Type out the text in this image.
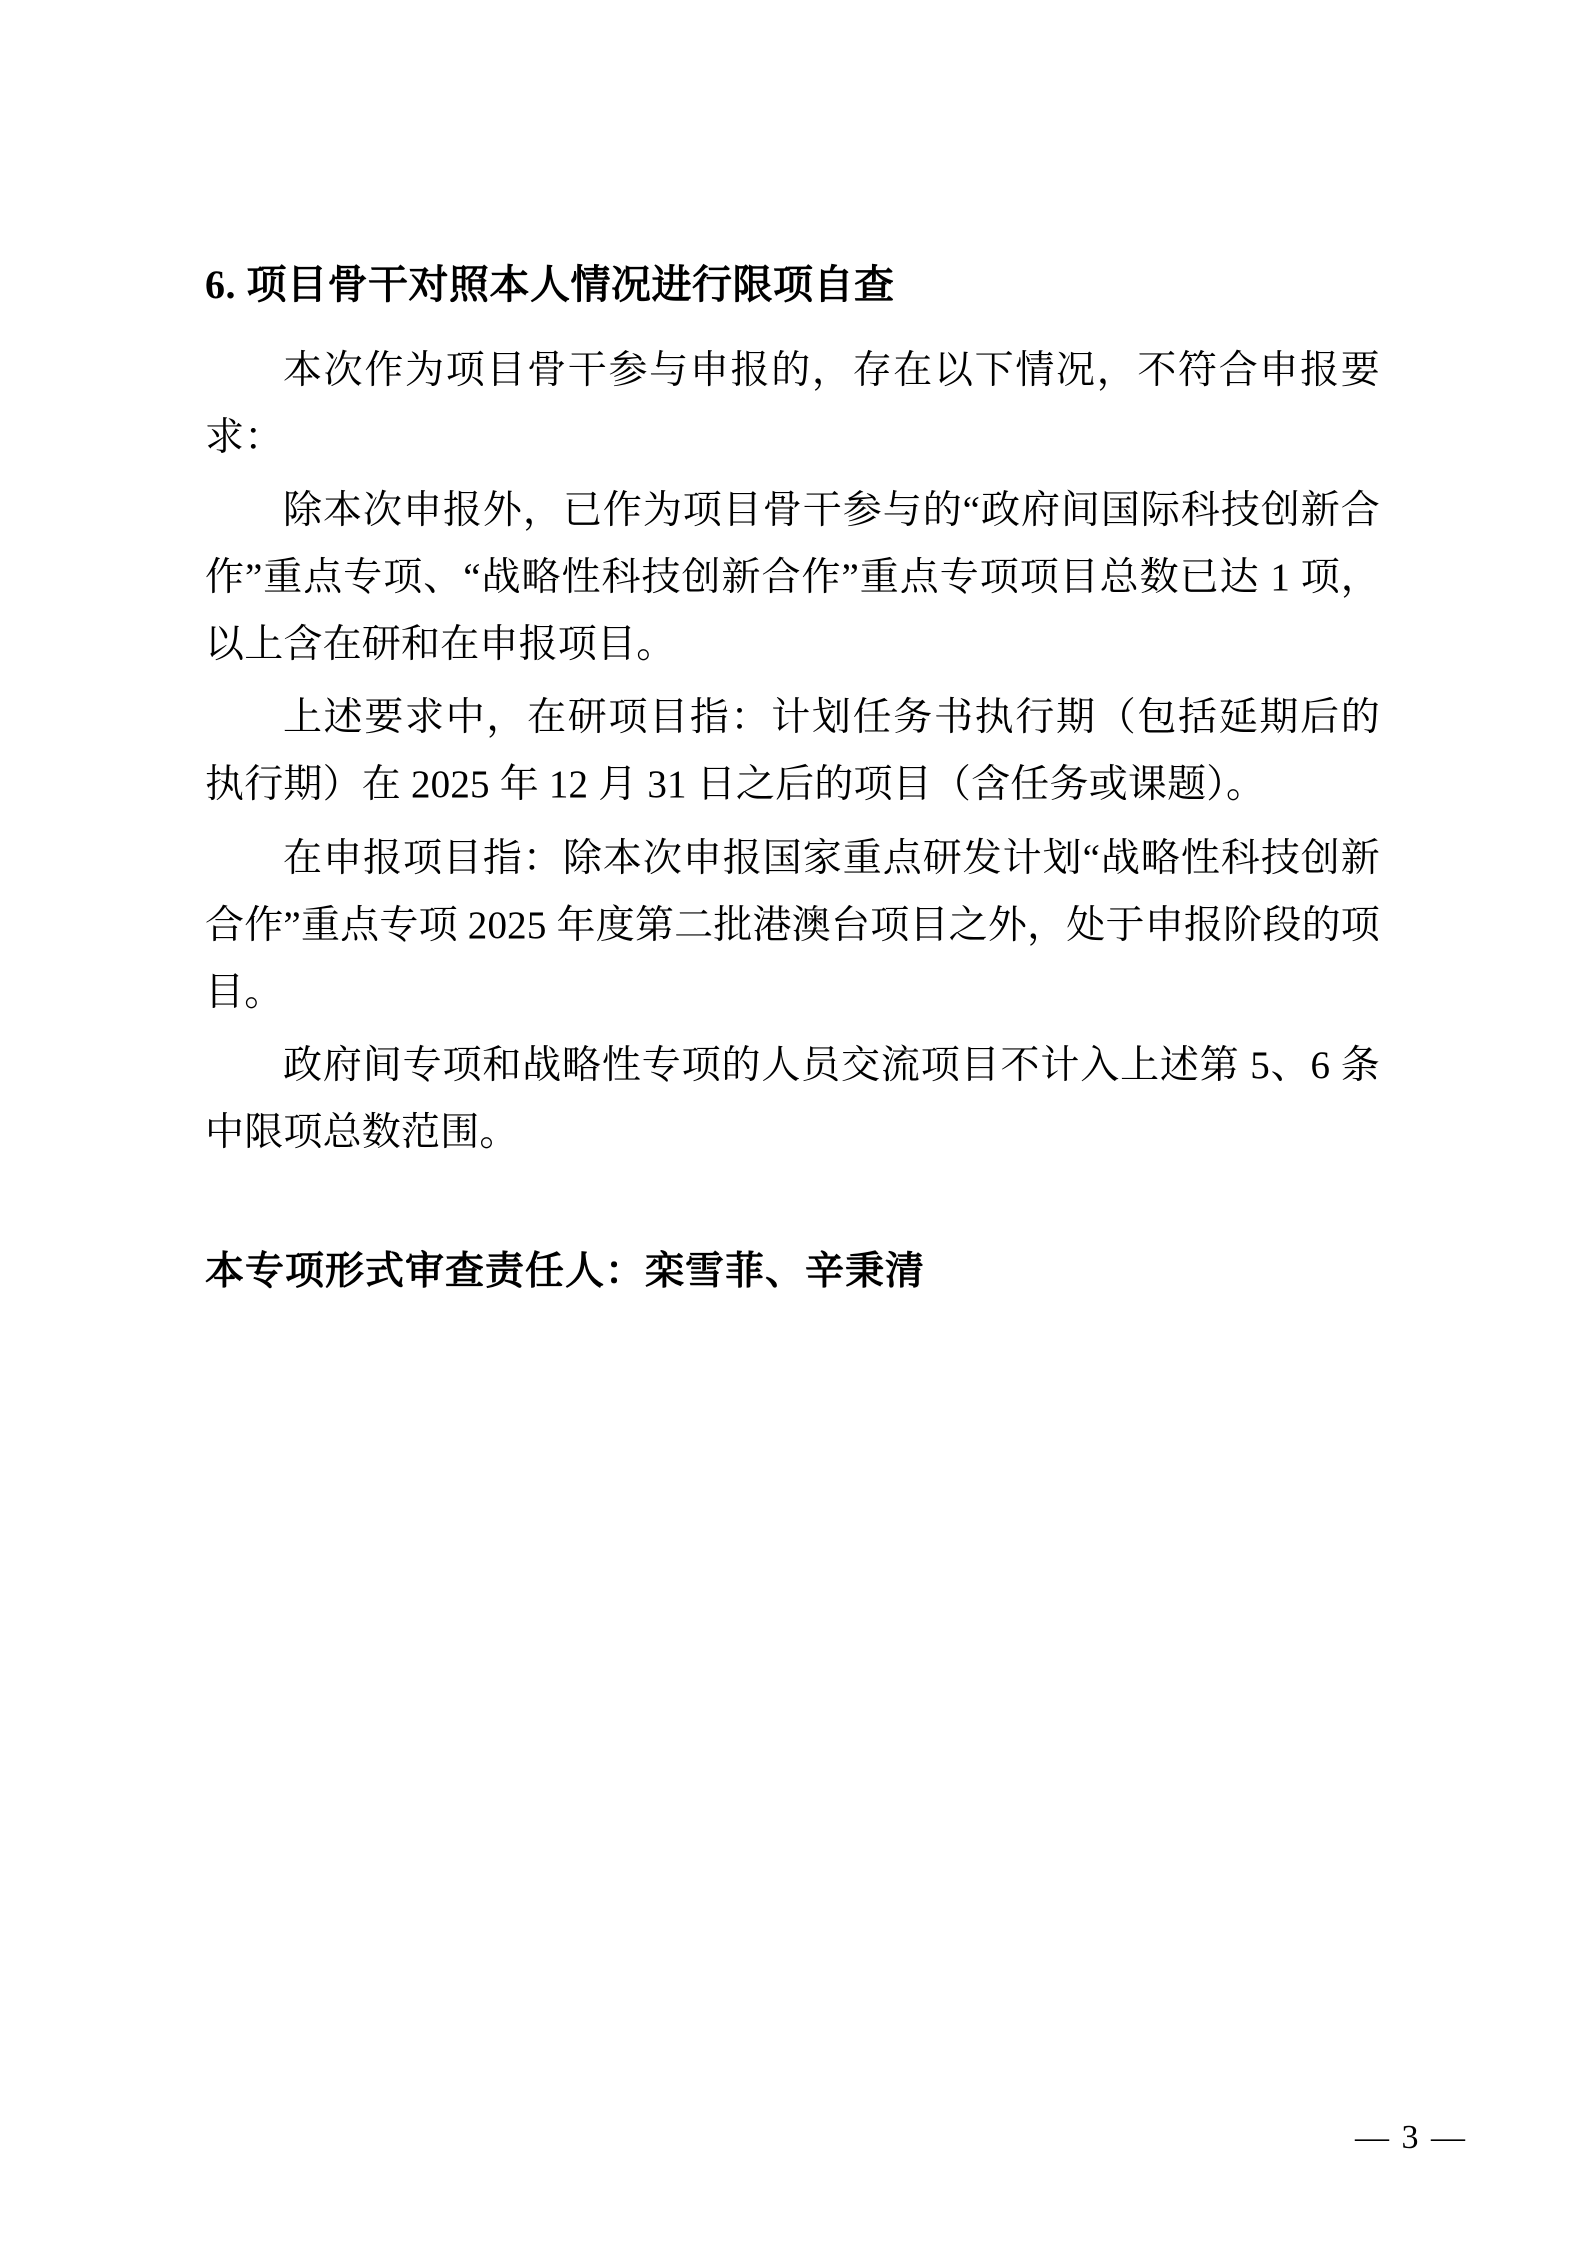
6. 项目骨干对照本人情况进行限项自查

本次作为项目骨干参与申报的，存在以下情况，不符合申报要求：

除本次申报外，已作为项目骨干参与的“政府间国际科技创新合作”重点专项、“战略性科技创新合作”重点专项项目总数已达 1 项，以上含在研和在申报项目。

上述要求中，在研项目指：计划任务书执行期（包括延期后的执行期）在 2025 年 12 月 31 日之后的项目（含任务或课题）。

在申报项目指：除本次申报国家重点研发计划“战略性科技创新合作”重点专项 2025 年度第二批港澳台项目之外，处于申报阶段的项目。

政府间专项和战略性专项的人员交流项目不计入上述第 5、6 条中限项总数范围。

本专项形式审查责任人：栾雪菲、辛秉清

— 3 —
